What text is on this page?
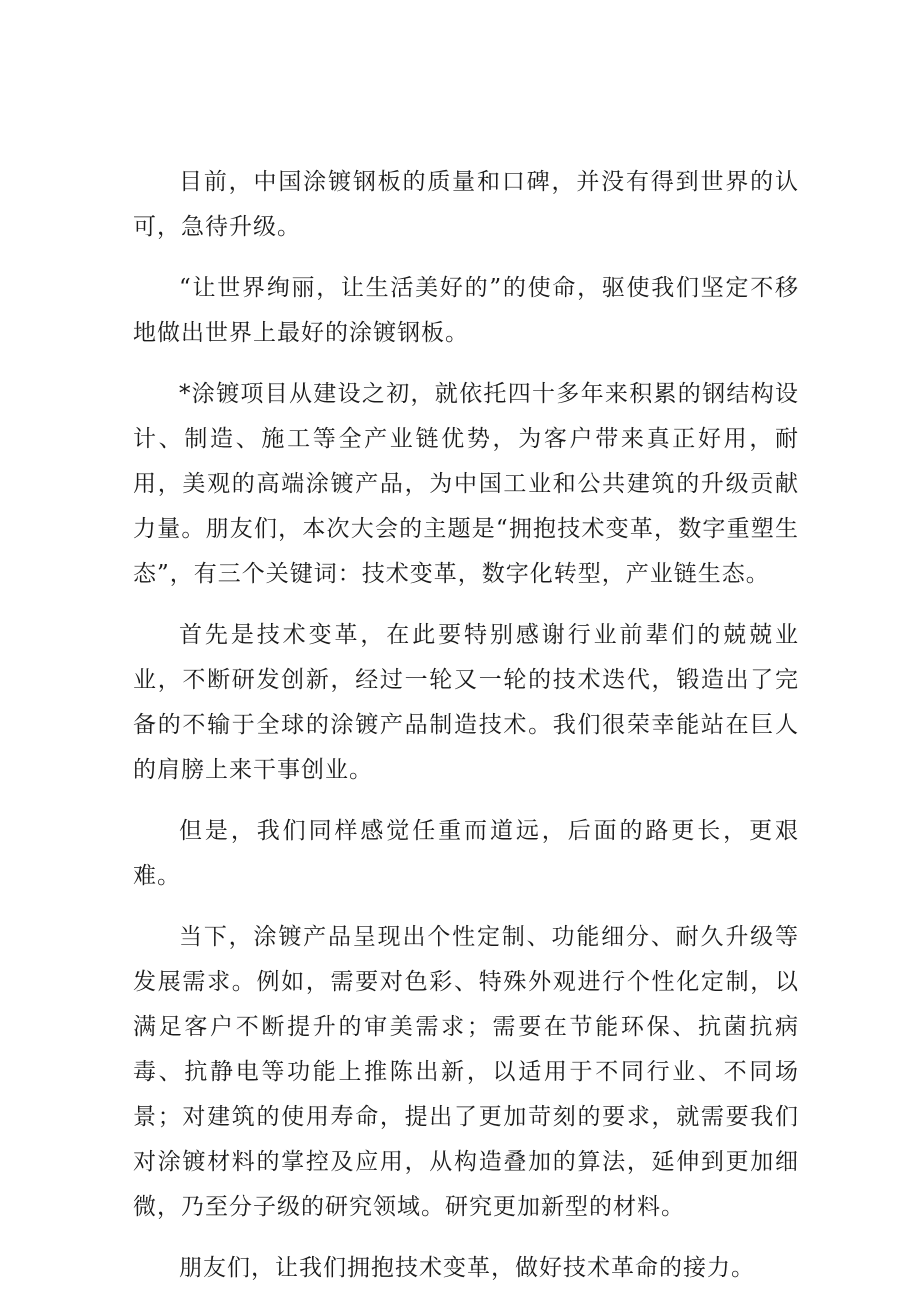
目前，中国涂镀钢板的质量和口碑，并没有得到世界的认可，急待升级。

“让世界绚丽，让生活美好的”的使命，驱使我们坚定不移地做出世界上最好的涂镀钢板。

*涂镀项目从建设之初，就依托四十多年来积累的钢结构设计、制造、施工等全产业链优势，为客户带来真正好用，耐用，美观的高端涂镀产品，为中国工业和公共建筑的升级贡献力量。朋友们，本次大会的主题是“拥抱技术变革，数字重塑生态”，有三个关键词：技术变革，数字化转型，产业链生态。

首先是技术变革，在此要特别感谢行业前辈们的兢兢业业，不断研发创新，经过一轮又一轮的技术迭代，锻造出了完备的不输于全球的涂镀产品制造技术。我们很荣幸能站在巨人的肩膀上来干事创业。

但是，我们同样感觉任重而道远，后面的路更长，更艰难。

当下，涂镀产品呈现出个性定制、功能细分、耐久升级等发展需求。例如，需要对色彩、特殊外观进行个性化定制，以满足客户不断提升的审美需求；需要在节能环保、抗菌抗病毒、抗静电等功能上推陈出新，以适用于不同行业、不同场景；对建筑的使用寿命，提出了更加苛刻的要求，就需要我们对涂镀材料的掌控及应用，从构造叠加的算法，延伸到更加细微，乃至分子级的研究领域。研究更加新型的材料。

朋友们，让我们拥抱技术变革，做好技术革命的接力。
